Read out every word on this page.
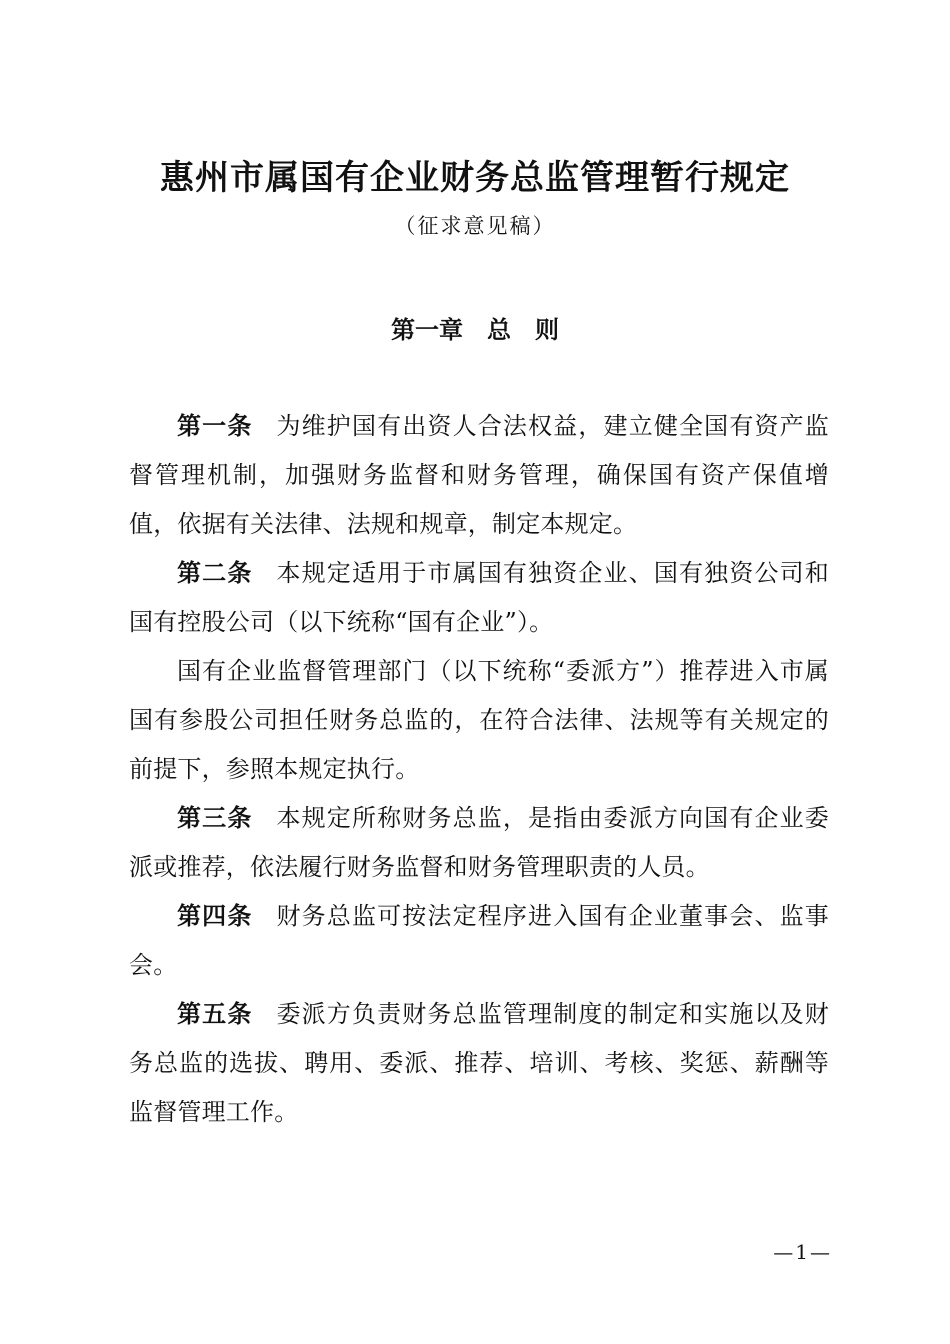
惠州市属国有企业财务总监管理暂行规定

（征求意见稿）

第一章　总　则

第一条 为维护国有出资人合法权益，建立健全国有资产监督管理机制，加强财务监督和财务管理，确保国有资产保值增值，依据有关法律、法规和规章，制定本规定。

第二条 本规定适用于市属国有独资企业、国有独资公司和国有控股公司（以下统称“国有企业”）。

国有企业监督管理部门（以下统称“委派方”）推荐进入市属国有参股公司担任财务总监的，在符合法律、法规等有关规定的前提下，参照本规定执行。

第三条 本规定所称财务总监，是指由委派方向国有企业委派或推荐，依法履行财务监督和财务管理职责的人员。

第四条 财务总监可按法定程序进入国有企业董事会、监事会。

第五条 委派方负责财务总监管理制度的制定和实施以及财务总监的选拔、聘用、委派、推荐、培训、考核、奖惩、薪酬等监督管理工作。

—1—
